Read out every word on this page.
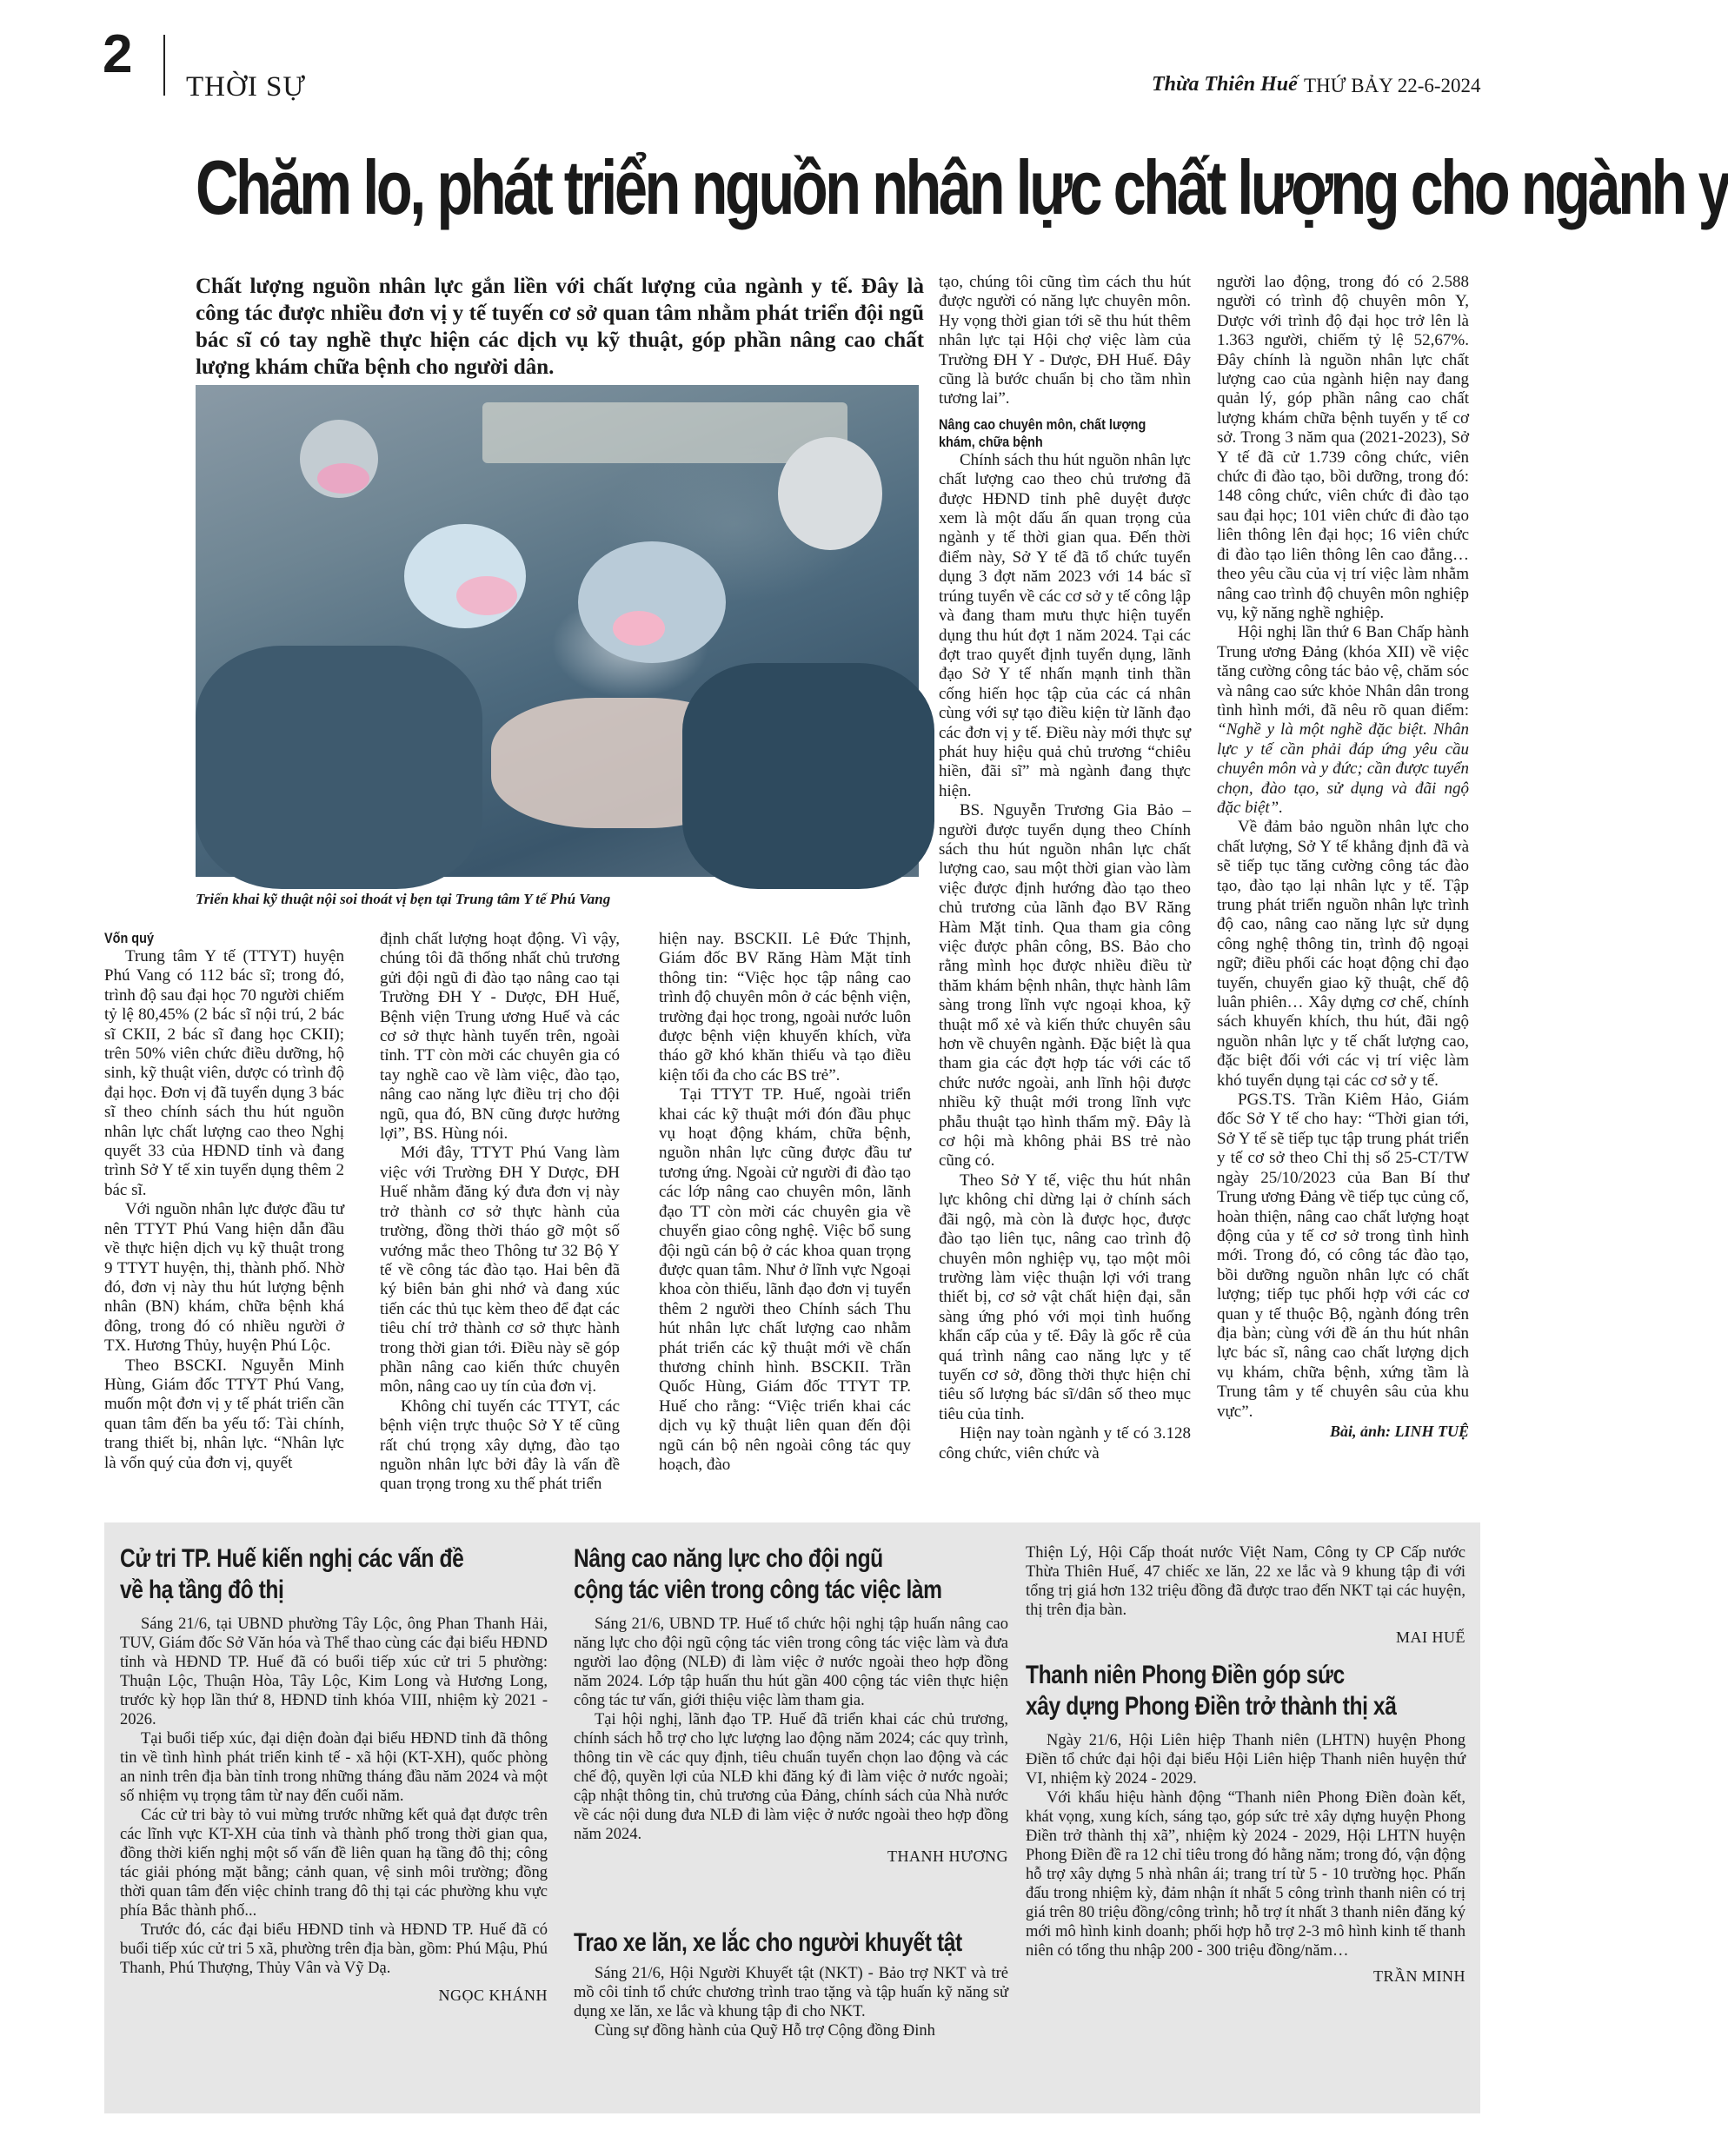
2
THỜI SỰ	Thừa Thiên Huế THỨ BẢY 22-6-2024
Chăm lo, phát triển nguồn nhân lực chất lượng cho ngành y

Chất lượng nguồn nhân lực gắn liền với chất lượng của ngành y tế. Đây là công tác được nhiều đơn vị y tế tuyến cơ sở quan tâm nhằm phát triển đội ngũ bác sĩ có tay nghề thực hiện các dịch vụ kỹ thuật, góp phần nâng cao chất lượng khám chữa bệnh cho người dân.

Triển khai kỹ thuật nội soi thoát vị bẹn tại Trung tâm Y tế Phú Vang
Vốn quý

Trung tâm Y tế (TTYT) huyện Phú Vang có 112 bác sĩ; trong đó, trình độ sau đại học 70 người chiếm tỷ lệ 80,45% (2 bác sĩ nội trú, 2 bác sĩ CKII, 2 bác sĩ đang học CKII); trên 50% viên chức điều dưỡng, hộ sinh, kỹ thuật viên, dược có trình độ đại học. Đơn vị đã tuyển dụng 3 bác sĩ theo chính sách thu hút nguồn nhân lực chất lượng cao theo Nghị quyết 33 của HĐND tỉnh và đang trình Sở Y tế xin tuyển dụng thêm 2 bác sĩ.

Với nguồn nhân lực được đầu tư nên TTYT Phú Vang hiện dẫn đầu về thực hiện dịch vụ kỹ thuật trong 9 TTYT huyện, thị, thành phố. Nhờ đó, đơn vị này thu hút lượng bệnh nhân (BN) khám, chữa bệnh khá đông, trong đó có nhiều người ở TX. Hương Thủy, huyện Phú Lộc.

Theo BSCKI. Nguyễn Minh Hùng, Giám đốc TTYT Phú Vang, muốn một đơn vị y tế phát triển cần quan tâm đến ba yếu tố: Tài chính, trang thiết bị, nhân lực. “Nhân lực là vốn quý của đơn vị, quyết

định chất lượng hoạt động. Vì vậy, chúng tôi đã thống nhất chủ trương gửi đội ngũ đi đào tạo nâng cao tại Trường ĐH Y - Dược, ĐH Huế, Bệnh viện Trung ương Huế và các cơ sở thực hành tuyến trên, ngoài tỉnh. TT còn mời các chuyên gia có tay nghề cao về làm việc, đào tạo, nâng cao năng lực điều trị cho đội ngũ, qua đó, BN cũng được hưởng lợi”, BS. Hùng nói.

Mới đây, TTYT Phú Vang làm việc với Trường ĐH Y Dược, ĐH Huế nhằm đăng ký đưa đơn vị này trở thành cơ sở thực hành của trường, đồng thời tháo gỡ một số vướng mắc theo Thông tư 32 Bộ Y tế về công tác đào tạo. Hai bên đã ký biên bản ghi nhớ và đang xúc tiến các thủ tục kèm theo để đạt các tiêu chí trở thành cơ sở thực hành trong thời gian tới. Điều này sẽ góp phần nâng cao kiến thức chuyên môn, nâng cao uy tín của đơn vị.

Không chỉ tuyến các TTYT, các bệnh viện trực thuộc Sở Y tế cũng rất chú trọng xây dựng, đào tạo nguồn nhân lực bởi đây là vấn đề quan trọng trong xu thế phát triển

hiện nay. BSCKII. Lê Đức Thịnh, Giám đốc BV Răng Hàm Mặt tỉnh thông tin: “Việc học tập nâng cao trình độ chuyên môn ở các bệnh viện, trường đại học trong, ngoài nước luôn được bệnh viện khuyến khích, vừa tháo gỡ khó khăn thiếu và tạo điều kiện tối đa cho các BS trẻ”.

Tại TTYT TP. Huế, ngoài triển khai các kỹ thuật mới đón đầu phục vụ hoạt động khám, chữa bệnh, nguồn nhân lực cũng được đầu tư tương ứng. Ngoài cử người đi đào tạo các lớp nâng cao chuyên môn, lãnh đạo TT còn mời các chuyên gia về chuyển giao công nghệ. Việc bổ sung đội ngũ cán bộ ở các khoa quan trọng được quan tâm. Như ở lĩnh vực Ngoại khoa còn thiếu, lãnh đạo đơn vị tuyển thêm 2 người theo Chính sách Thu hút nhân lực chất lượng cao nhằm phát triển các kỹ thuật mới về chấn thương chỉnh hình. BSCKII. Trần Quốc Hùng, Giám đốc TTYT TP. Huế cho rằng: “Việc triển khai các dịch vụ kỹ thuật liên quan đến đội ngũ cán bộ nên ngoài công tác quy hoạch, đào

tạo, chúng tôi cũng tìm cách thu hút được người có năng lực chuyên môn. Hy vọng thời gian tới sẽ thu hút thêm nhân lực tại Hội chợ việc làm của Trường ĐH Y - Dược, ĐH Huế. Đây cũng là bước chuẩn bị cho tầm nhìn tương lai”.

Nâng cao chuyên môn, chất lượng
khám, chữa bệnh

Chính sách thu hút nguồn nhân lực chất lượng cao theo chủ trương đã được HĐND tỉnh phê duyệt được xem là một dấu ấn quan trọng của ngành y tế thời gian qua. Đến thời điểm này, Sở Y tế đã tổ chức tuyển dụng 3 đợt năm 2023 với 14 bác sĩ trúng tuyển về các cơ sở y tế công lập và đang tham mưu thực hiện tuyển dụng thu hút đợt 1 năm 2024. Tại các đợt trao quyết định tuyển dụng, lãnh đạo Sở Y tế nhấn mạnh tinh thần cống hiến học tập của các cá nhân cùng với sự tạo điều kiện từ lãnh đạo các đơn vị y tế. Điều này mới thực sự phát huy hiệu quả chủ trương “chiêu hiền, đãi sĩ” mà ngành đang thực hiện.

BS. Nguyễn Trương Gia Bảo – người được tuyển dụng theo Chính sách thu hút nguồn nhân lực chất lượng cao, sau một thời gian vào làm việc được định hướng đào tạo theo chủ trương của lãnh đạo BV Răng Hàm Mặt tỉnh. Qua tham gia công việc được phân công, BS. Bảo cho rằng mình học được nhiều điều từ thăm khám bệnh nhân, thực hành lâm sàng trong lĩnh vực ngoại khoa, kỹ thuật mổ xẻ và kiến thức chuyên sâu hơn về chuyên ngành. Đặc biệt là qua tham gia các đợt hợp tác với các tổ chức nước ngoài, anh lĩnh hội được nhiều kỹ thuật mới trong lĩnh vực phẫu thuật tạo hình thẩm mỹ. Đây là cơ hội mà không phải BS trẻ nào cũng có.

Theo Sở Y tế, việc thu hút nhân lực không chỉ dừng lại ở chính sách đãi ngộ, mà còn là được học, được đào tạo liên tục, nâng cao trình độ chuyên môn nghiệp vụ, tạo một môi trường làm việc thuận lợi với trang thiết bị, cơ sở vật chất hiện đại, sẵn sàng ứng phó với mọi tình huống khẩn cấp của y tế. Đây là gốc rễ của quá trình nâng cao năng lực y tế tuyến cơ sở, đồng thời thực hiện chỉ tiêu số lượng bác sĩ/dân số theo mục tiêu của tỉnh.

Hiện nay toàn ngành y tế có 3.128 công chức, viên chức và

người lao động, trong đó có 2.588 người có trình độ chuyên môn Y, Dược với trình độ đại học trở lên là 1.363 người, chiếm tỷ lệ 52,67%. Đây chính là nguồn nhân lực chất lượng cao của ngành hiện nay đang quản lý, góp phần nâng cao chất lượng khám chữa bệnh tuyến y tế cơ sở. Trong 3 năm qua (2021-2023), Sở Y tế đã cử 1.739 công chức, viên chức đi đào tạo, bồi dưỡng, trong đó: 148 công chức, viên chức đi đào tạo sau đại học; 101 viên chức đi đào tạo liên thông lên đại học; 16 viên chức đi đào tạo liên thông lên cao đẳng… theo yêu cầu của vị trí việc làm nhằm nâng cao trình độ chuyên môn nghiệp vụ, kỹ năng nghề nghiệp.

Hội nghị lần thứ 6 Ban Chấp hành Trung ương Đảng (khóa XII) về việc tăng cường công tác bảo vệ, chăm sóc và nâng cao sức khỏe Nhân dân trong tình hình mới, đã nêu rõ quan điểm: “Nghề y là một nghề đặc biệt. Nhân lực y tế cần phải đáp ứng yêu cầu chuyên môn và y đức; cần được tuyển chọn, đào tạo, sử dụng và đãi ngộ đặc biệt”.

Về đảm bảo nguồn nhân lực cho chất lượng, Sở Y tế khẳng định đã và sẽ tiếp tục tăng cường công tác đào tạo, đào tạo lại nhân lực y tế. Tập trung phát triển nguồn nhân lực trình độ cao, nâng cao năng lực sử dụng công nghệ thông tin, trình độ ngoại ngữ; điều phối các hoạt động chỉ đạo tuyến, chuyển giao kỹ thuật, chế độ luân phiên… Xây dựng cơ chế, chính sách khuyến khích, thu hút, đãi ngộ nguồn nhân lực y tế chất lượng cao, đặc biệt đối với các vị trí việc làm khó tuyển dụng tại các cơ sở y tế.

PGS.TS. Trần Kiêm Hảo, Giám đốc Sở Y tế cho hay: “Thời gian tới, Sở Y tế sẽ tiếp tục tập trung phát triển y tế cơ sở theo Chỉ thị số 25-CT/TW ngày 25/10/2023 của Ban Bí thư Trung ương Đảng về tiếp tục củng cố, hoàn thiện, nâng cao chất lượng hoạt động của y tế cơ sở trong tình hình mới. Trong đó, có công tác đào tạo, bồi dưỡng nguồn nhân lực có chất lượng; tiếp tục phối hợp với các cơ quan y tế thuộc Bộ, ngành đóng trên địa bàn; cùng với đề án thu hút nhân lực bác sĩ, nâng cao chất lượng dịch vụ khám, chữa bệnh, xứng tầm là Trung tâm y tế chuyên sâu của khu vực”.

Bài, ảnh: LINH TUỆ
Cử tri TP. Huế kiến nghị các vấn đề
về hạ tầng đô thị

Sáng 21/6, tại UBND phường Tây Lộc, ông Phan Thanh Hải, TUV, Giám đốc Sở Văn hóa và Thể thao cùng các đại biểu HĐND tỉnh và HĐND TP. Huế đã có buổi tiếp xúc cử tri 5 phường: Thuận Lộc, Thuận Hòa, Tây Lộc, Kim Long và Hương Long, trước kỳ họp lần thứ 8, HĐND tỉnh khóa VIII, nhiệm kỳ 2021 - 2026.

Tại buổi tiếp xúc, đại diện đoàn đại biểu HĐND tỉnh đã thông tin về tình hình phát triển kinh tế - xã hội (KT-XH), quốc phòng an ninh trên địa bàn tỉnh trong những tháng đầu năm 2024 và một số nhiệm vụ trọng tâm từ nay đến cuối năm.

Các cử tri bày tỏ vui mừng trước những kết quả đạt được trên các lĩnh vực KT-XH của tỉnh và thành phố trong thời gian qua, đồng thời kiến nghị một số vấn đề liên quan hạ tầng đô thị; công tác giải phóng mặt bằng; cảnh quan, vệ sinh môi trường; đồng thời quan tâm đến việc chỉnh trang đô thị tại các phường khu vực phía Bắc thành phố...

Trước đó, các đại biểu HĐND tỉnh và HĐND TP. Huế đã có buổi tiếp xúc cử tri 5 xã, phường trên địa bàn, gồm: Phú Mậu, Phú Thanh, Phú Thượng, Thủy Vân và Vỹ Dạ.

NGỌC KHÁNH
Nâng cao năng lực cho đội ngũ
cộng tác viên trong công tác việc làm

Sáng 21/6, UBND TP. Huế tổ chức hội nghị tập huấn nâng cao năng lực cho đội ngũ cộng tác viên trong công tác việc làm và đưa người lao động (NLĐ) đi làm việc ở nước ngoài theo hợp đồng năm 2024. Lớp tập huấn thu hút gần 400 cộng tác viên thực hiện công tác tư vấn, giới thiệu việc làm tham gia.

Tại hội nghị, lãnh đạo TP. Huế đã triển khai các chủ trương, chính sách hỗ trợ cho lực lượng lao động năm 2024; các quy trình, thông tin về các quy định, tiêu chuẩn tuyển chọn lao động và các chế độ, quyền lợi của NLĐ khi đăng ký đi làm việc ở nước ngoài; cập nhật thông tin, chủ trương của Đảng, chính sách của Nhà nước về các nội dung đưa NLĐ đi làm việc ở nước ngoài theo hợp đồng năm 2024.

THANH HƯƠNG
Trao xe lăn, xe lắc cho người khuyết tật

Sáng 21/6, Hội Người Khuyết tật (NKT) - Bảo trợ NKT và trẻ mồ côi tỉnh tổ chức chương trình trao tặng và tập huấn kỹ năng sử dụng xe lăn, xe lắc và khung tập đi cho NKT.

Cùng sự đồng hành của Quỹ Hỗ trợ Cộng đồng Đinh

Thiện Lý, Hội Cấp thoát nước Việt Nam, Công ty CP Cấp nước Thừa Thiên Huế, 47 chiếc xe lăn, 22 xe lắc và 9 khung tập đi với tổng trị giá hơn 132 triệu đồng đã được trao đến NKT tại các huyện, thị trên địa bàn.

MAI HUẾ
Thanh niên Phong Điền góp sức
xây dựng Phong Điền trở thành thị xã

Ngày 21/6, Hội Liên hiệp Thanh niên (LHTN) huyện Phong Điền tổ chức đại hội đại biểu Hội Liên hiệp Thanh niên huyện thứ VI, nhiệm kỳ 2024 - 2029.

Với khẩu hiệu hành động “Thanh niên Phong Điền đoàn kết, khát vọng, xung kích, sáng tạo, góp sức trẻ xây dựng huyện Phong Điền trở thành thị xã”, nhiệm kỳ 2024 - 2029, Hội LHTN huyện Phong Điền đề ra 12 chỉ tiêu trong đó hằng năm; trong đó, vận động hỗ trợ xây dựng 5 nhà nhân ái; trang trí từ 5 - 10 trường học. Phấn đấu trong nhiệm kỳ, đảm nhận ít nhất 5 công trình thanh niên có trị giá trên 80 triệu đồng/công trình; hỗ trợ ít nhất 3 thanh niên đăng ký mới mô hình kinh doanh; phối hợp hỗ trợ 2-3 mô hình kinh tế thanh niên có tổng thu nhập 200 - 300 triệu đồng/năm…

TRẦN MINH
